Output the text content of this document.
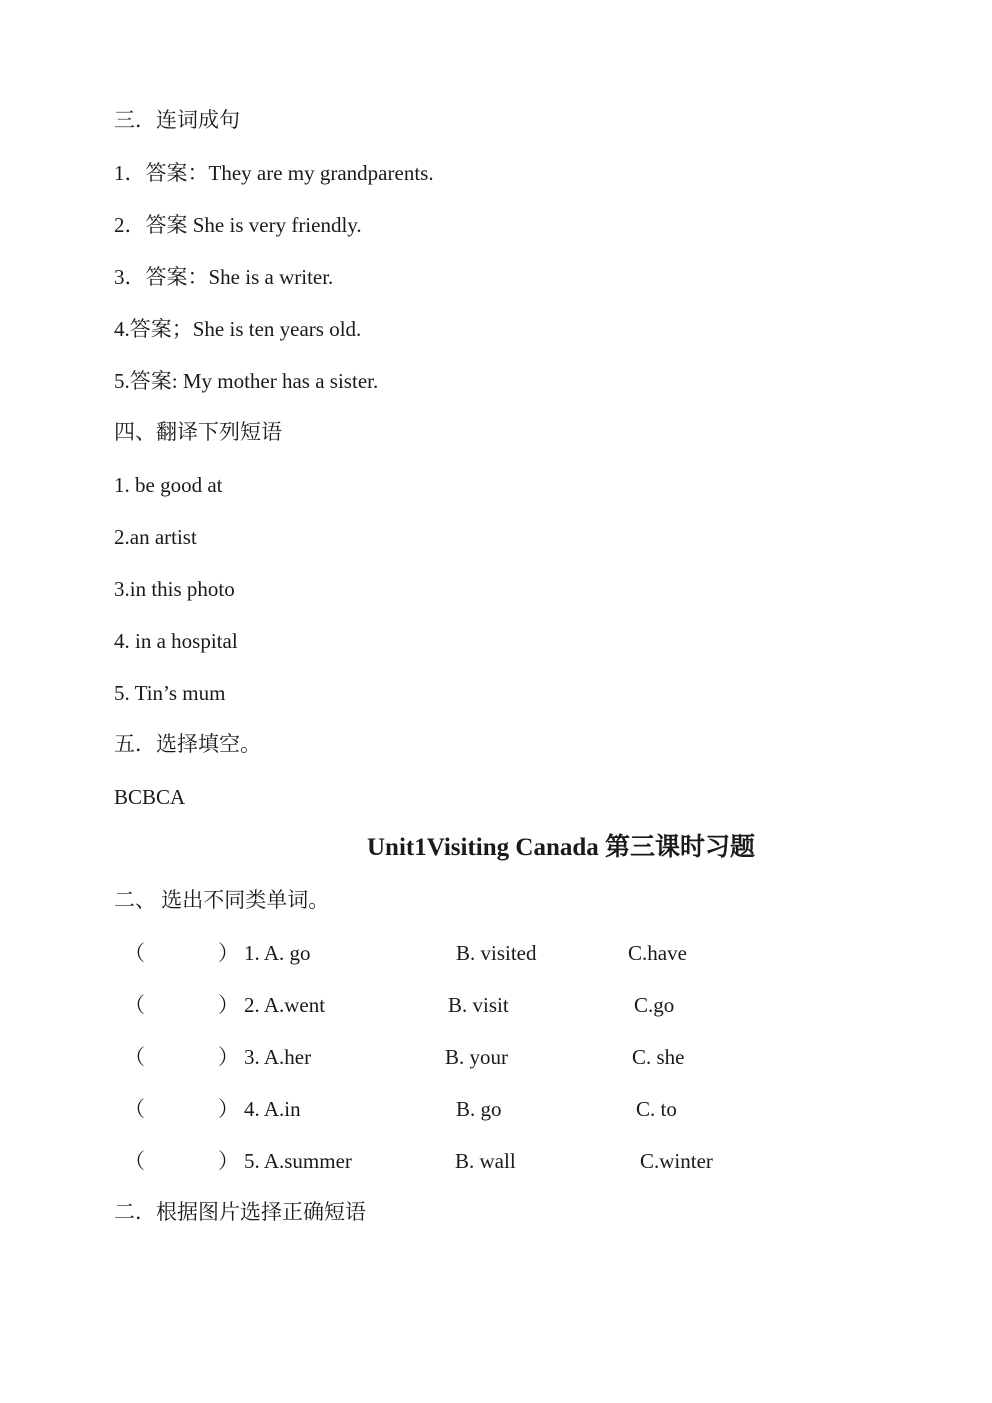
三．连词成句
1．答案：They are my grandparents.
2．答案 She is very friendly.
3．答案：She is a writer.
4.答案；She is ten years old.
5.答案: My mother has a sister.
四、翻译下列短语
1. be good at
2.an artist
3.in this photo
4. in a hospital
5. Tin’s mum
五．选择填空。
BCBCA
Unit1Visiting Canada 第三课时习题
二、 选出不同类单词。
（	） 1. A. go	B. visited	C.have
（	） 2. A.went	B. visit	C.go
（	） 3. A.her	B. your	C. she
（	） 4. A.in	B. go	C. to
（	） 5. A.summer	B. wall	C.winter
二．根据图片选择正确短语
